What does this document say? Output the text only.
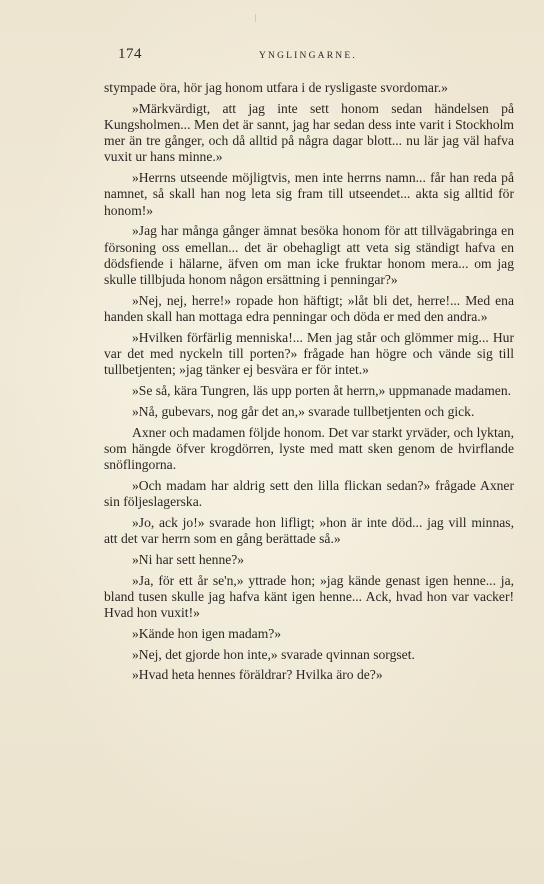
174	YNGLINGARNE.

stympade öra, hör jag honom utfara i de rysligaste svordomar.»

»Märkvärdigt, att jag inte sett honom sedan händelsen på Kungsholmen... Men det är sannt, jag har sedan dess inte varit i Stockholm mer än tre gånger, och då alltid på några dagar blott... nu lär jag väl hafva vuxit ur hans minne.»

»Herrns utseende möjligtvis, men inte herrns namn... får han reda på namnet, så skall han nog leta sig fram till utseendet... akta sig alltid för honom!»

»Jag har många gånger ämnat besöka honom för att tillvägabringa en försoning oss emellan... det är obehagligt att veta sig ständigt hafva en dödsfiende i hälarne, äfven om man icke fruktar honom mera... om jag skulle tillbjuda honom någon ersättning i penningar?»

»Nej, nej, herre!» ropade hon häftigt; »låt bli det, herre!... Med ena handen skall han mottaga edra penningar och döda er med den andra.»

»Hvilken förfärlig menniska!... Men jag står och glömmer mig... Hur var det med nyckeln till porten?» frågade han högre och vände sig till tullbetjenten; »jag tänker ej besvära er för intet.»

»Se så, kära Tungren, läs upp porten åt herrn,» uppmanade madamen.

»Nå, gubevars, nog går det an,» svarade tullbetjenten och gick.

Axner och madamen följde honom. Det var starkt yrväder, och lyktan, som hängde öfver krogdörren, lyste med matt sken genom de hvirflande snöflingorna.

»Och madam har aldrig sett den lilla flickan sedan?» frågade Axner sin följeslagerska.

»Jo, ack jo!» svarade hon lifligt; »hon är inte död... jag vill minnas, att det var herrn som en gång berättade så.»

»Ni har sett henne?»

»Ja, för ett år se'n,» yttrade hon; »jag kände genast igen henne... ja, bland tusen skulle jag hafva känt igen henne... Ack, hvad hon var vacker! Hvad hon vuxit!»

»Kände hon igen madam?»

»Nej, det gjorde hon inte,» svarade qvinnan sorgset.

»Hvad heta hennes föräldrar? Hvilka äro de?»
